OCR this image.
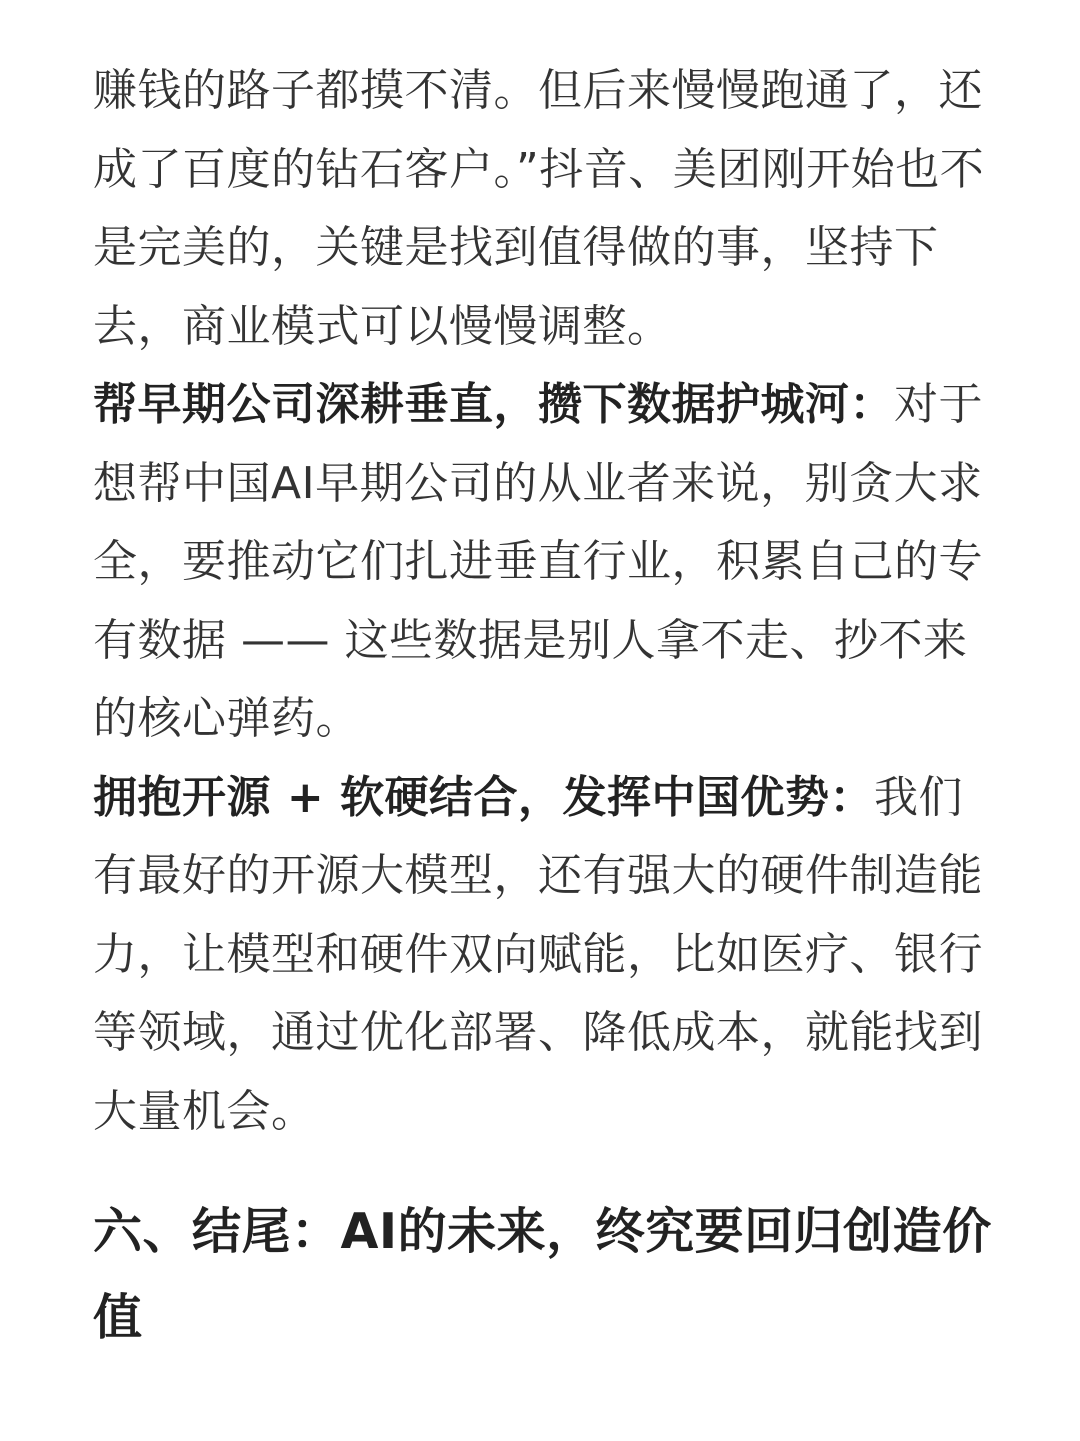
赚钱的路子都摸不清。但后来慢慢跑通了，还成了百度的钻石客户。”抖音、美团刚开始也不是完美的，关键是找到值得做的事，坚持下去，商业模式可以慢慢调整。

帮早期公司深耕垂直，攒下数据护城河：对于想帮中国AI早期公司的从业者来说，别贪大求全，要推动它们扎进垂直行业，积累自己的专有数据 —— 这些数据是别人拿不走、抄不来的核心弹药。

拥抱开源 + 软硬结合，发挥中国优势：我们有最好的开源大模型，还有强大的硬件制造能力，让模型和硬件双向赋能，比如医疗、银行等领域，通过优化部署、降低成本，就能找到大量机会。

六、结尾：AI的未来，终究要回归创造价值
